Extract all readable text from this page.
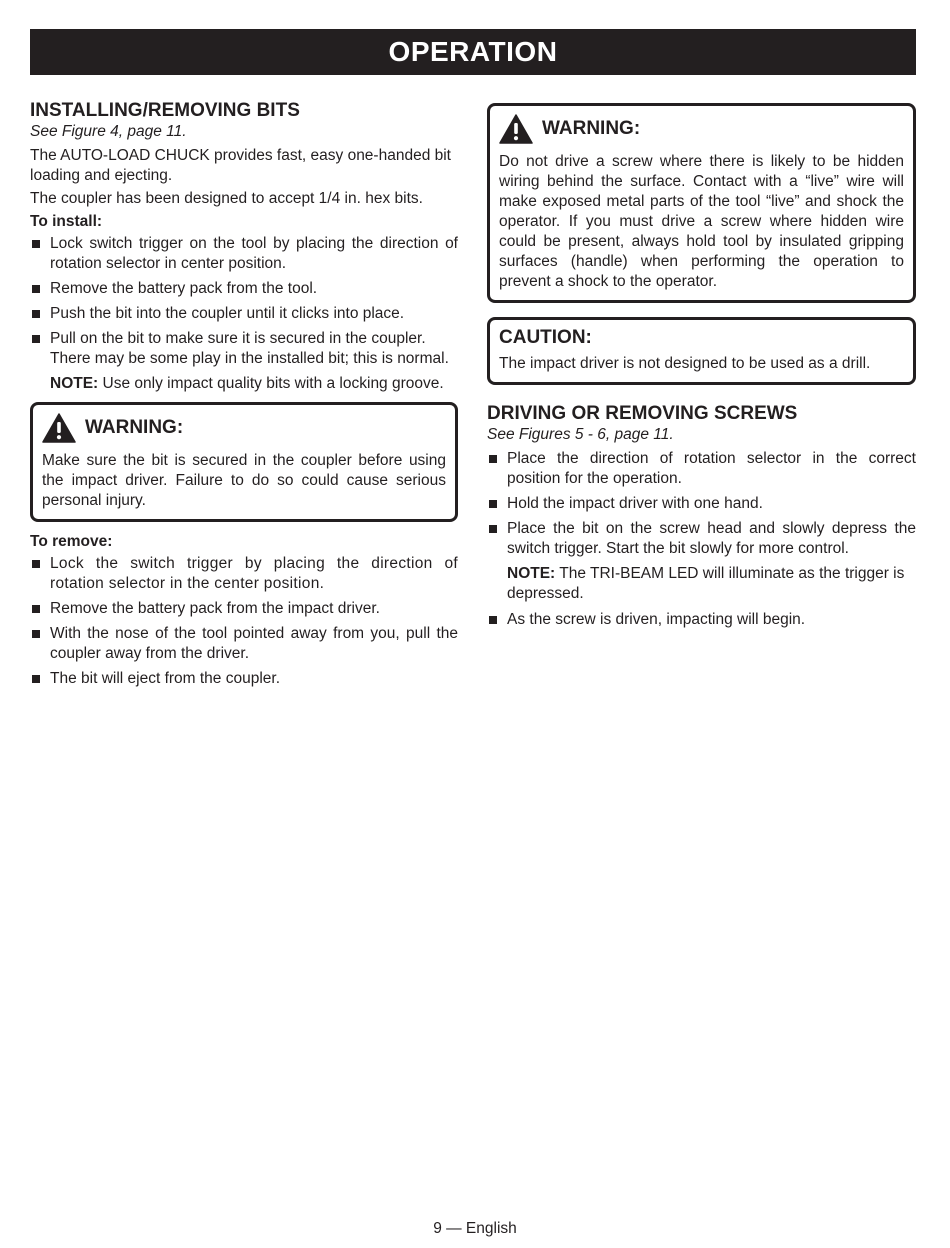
OPERATION
INSTALLING/REMOVING BITS

See Figure 4, page 11.

The AUTO-LOAD CHUCK provides fast, easy one-handed bit loading and ejecting.

The coupler has been designed to accept 1/4 in. hex bits.

To install:

Lock switch trigger on the tool by placing the direction of rotation selector in center position.
Remove the battery pack from the tool.
Push the bit into the coupler until it clicks into place.
Pull on the bit to make sure it is secured in the coupler. There may be some play in the installed bit; this is normal.

NOTE: Use only impact quality bits with a locking groove.

WARNING:

Make sure the bit is secured in the coupler before using the impact driver. Failure to do so could cause serious personal injury.

To remove:

Lock the switch trigger by placing the direction of rotation selector in the center position.
Remove the battery pack from the impact driver.
With the nose of the tool pointed away from you, pull the coupler away from the driver.
The bit will eject from the coupler.
WARNING:

Do not drive a screw where there is likely to be hidden wiring behind the surface. Contact with a “live” wire will make exposed metal parts of the tool “live” and shock the operator. If you must drive a screw where hidden wire could be present, always hold tool by insulated gripping surfaces (handle) when performing the operation to prevent a shock to the operator.

CAUTION:

The impact driver is not designed to be used as a drill.

DRIVING OR REMOVING SCREWS

See Figures 5 - 6, page 11.

Place the direction of rotation selector in the correct position for the operation.
Hold the impact driver with one hand.
Place the bit on the screw head and slowly depress the switch trigger. Start the bit slowly for more control.

NOTE: The TRI-BEAM LED will illuminate as the trigger is depressed.

As the screw is driven, impacting will begin.
9 — English
